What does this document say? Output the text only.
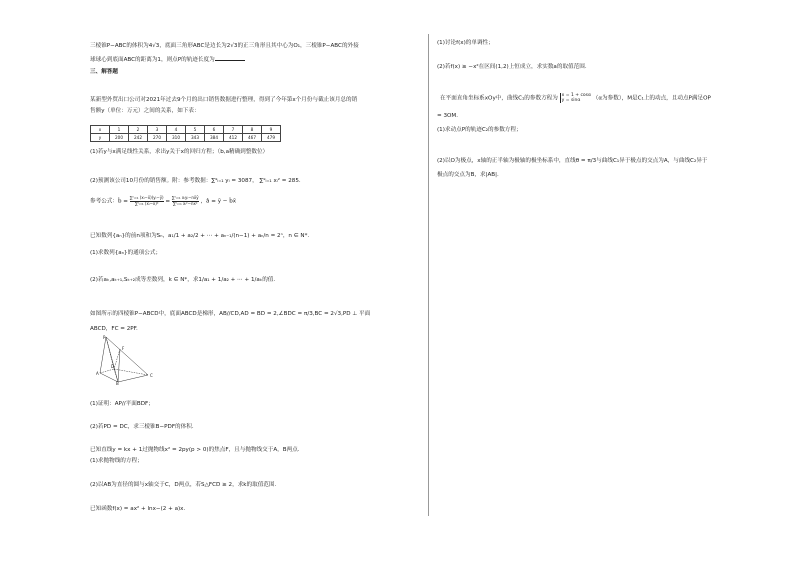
三棱锥P−ABC的体积为4√3，底面三角形ABC是边长为2√3的正三角形且其中心为O₁，三棱锥P−ABC的外接
球球心到底面ABC的距离为1，则点P的轨迹长度为
三、解答题
某新型外贸出口公司对2021年过去9个月的出口销售数据进行整理，得到了今年第x个月份与截止该月总的销
售额y（单位：万元）之间的关系，如下表：
x	1	2	3	4	5	6	7	8	9
y	200	242	270	310	343	384	412	467	479
(1)若y与x满足线性关系，求出y关于x的回归方程；（b,a精确到整数位）
(2)预测该公司10月份的销售额。附：参考数据：∑⁹ᵢ₌₁ yᵢ = 3087， ∑⁹ᵢ₌₁ xᵢ² = 285.
参考公式：b̂ = $\frac{\text{∑ⁿᵢ₌₁ (xᵢ−x̄)(yᵢ−ȳ)}}{\text{∑ⁿᵢ₌₁ (xᵢ−x̄)²}} = \frac{\text{∑ⁿᵢ₌₁ xᵢyᵢ−nx̄ȳ}}{\text{∑ⁿᵢ₌₁ xᵢ²−nx̄²}}$ ，â = ȳ − b̂x̄
已知数列{aₙ}的前n项和为Sₙ，a₁/1 + a₂/2 + ⋯ + aₙ₋₁/(n−1) + aₙ/n = 2ⁿ，n ∈ N*.
(1)求数列{aₙ}的通项公式；
(2)若aₖ,aₖ₊₁,Sₖ₊₂成等差数列，k ∈ N*，求1/a₁ + 1/a₂ + ⋯ + 1/aₖ的值.
如图所示的四棱锥P−ABCD中，底面ABCD是梯形，AB//CD,AD = BD = 2,∠BDC = π/3,BC = 2√3,PD ⊥ 平面
ABCD，FC = 2PF.
P
F
A
B
C
D
(1)证明：AP//平面BDF；
(2)若PD = DC，求三棱锥B−PDF的体积.
已知直线y = kx + 1过抛物线x² = 2py(p > 0)的焦点F，且与抛物线交于A，B两点.
(1)求抛物线的方程；
(2)以AB为直径的圆与x轴交于C，D两点，若S△FCD ≥ 2，求k的取值范围.
已知函数f(x) = ax² + lnx−(2 + a)x.
(1)讨论f(x)的单调性；
(2)若f(x) ≥ −x²在区间(1,2)上恒成立，求实数a的取值范围.
在平面直角坐标系xOy中，曲线C₁的参数方程为 x = 1 + cosα
y = sinα	（α为参数），M是C₁上的动点，且动点P满足OP
= 3OM.
(1)求动点P的轨迹C₂的参数方程；
(2)以O为极点，x轴的正半轴为极轴的极坐标系中，直线θ = π/3与曲线C₁异于极点的交点为A，与曲线C₂异于
极点的交点为B，求|AB|.
